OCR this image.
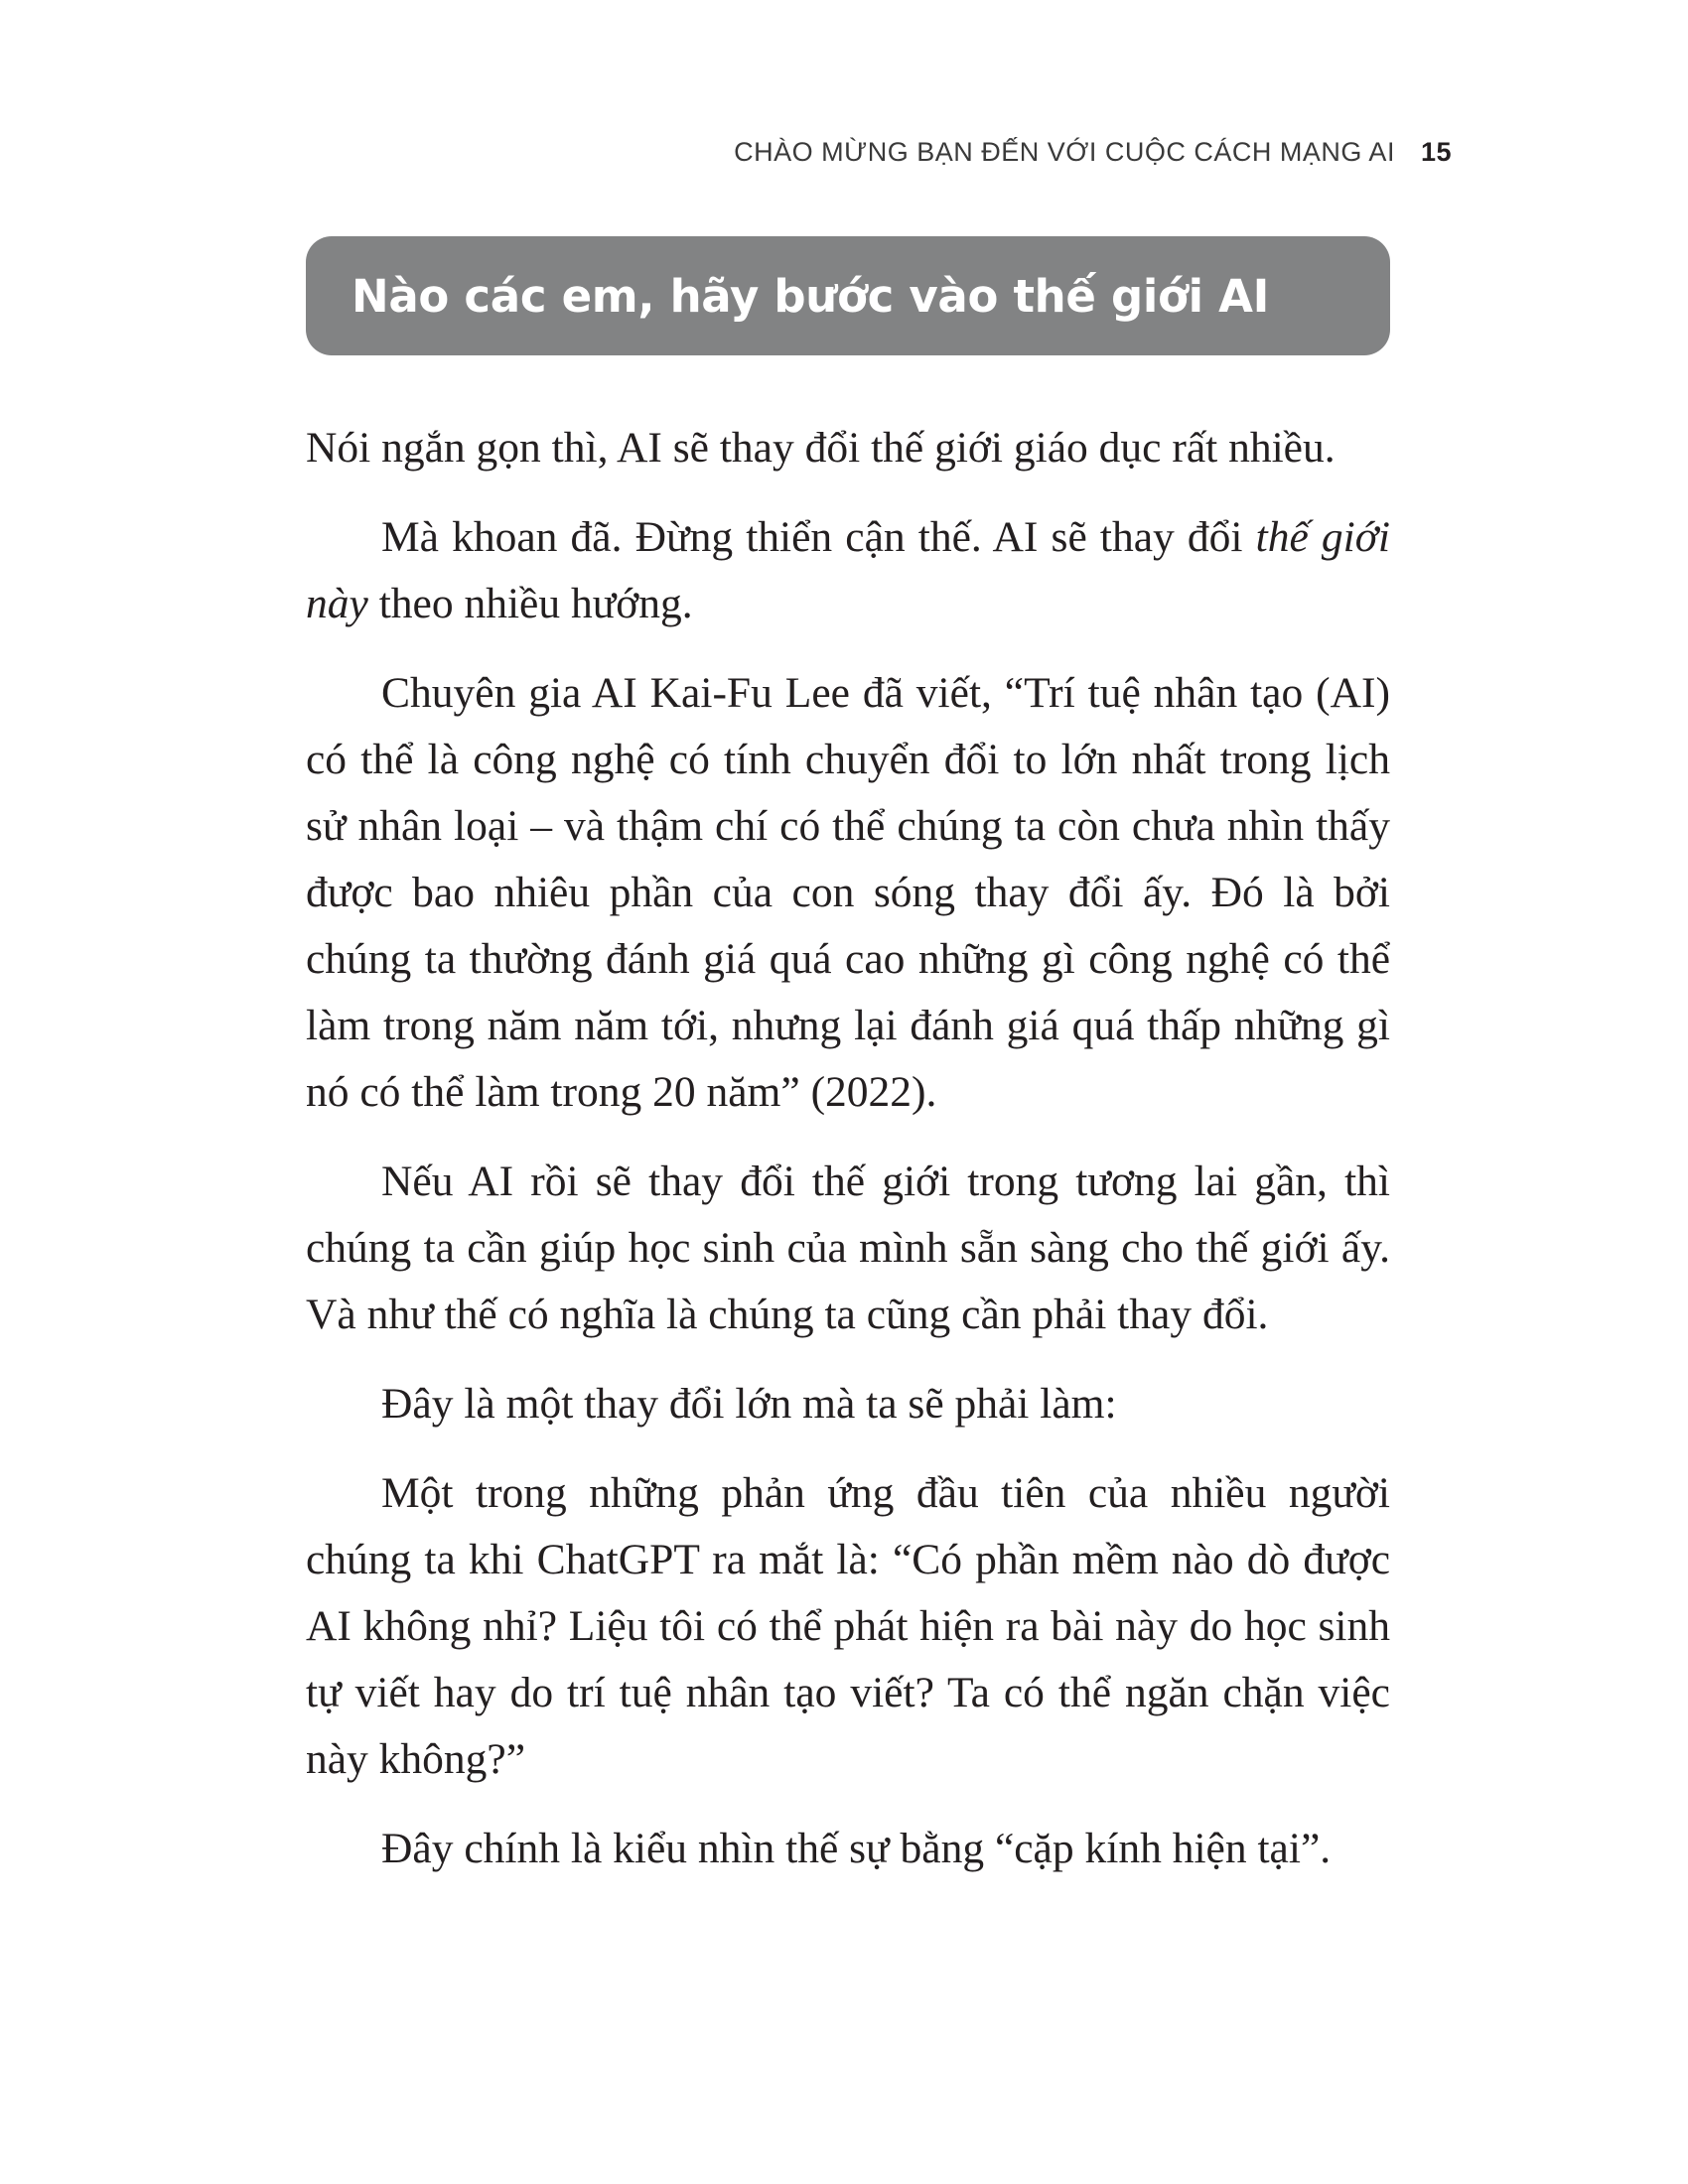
CHÀO MỪNG BẠN ĐẾN VỚI CUỘC CÁCH MẠNG AI 15
Nào các em, hãy bước vào thế giới AI

Nói ngắn gọn thì, AI sẽ thay đổi thế giới giáo dục rất nhiều.

Mà khoan đã. Đừng thiển cận thế. AI sẽ thay đổi thế giới này theo nhiều hướng.

Chuyên gia AI Kai-Fu Lee đã viết, “Trí tuệ nhân tạo (AI) có thể là công nghệ có tính chuyển đổi to lớn nhất trong lịch sử nhân loại – và thậm chí có thể chúng ta còn chưa nhìn thấy được bao nhiêu phần của con sóng thay đổi ấy. Đó là bởi chúng ta thường đánh giá quá cao những gì công nghệ có thể làm trong năm năm tới, nhưng lại đánh giá quá thấp những gì nó có thể làm trong 20 năm” (2022).

Nếu AI rồi sẽ thay đổi thế giới trong tương lai gần, thì chúng ta cần giúp học sinh của mình sẵn sàng cho thế giới ấy. Và như thế có nghĩa là chúng ta cũng cần phải thay đổi.

Đây là một thay đổi lớn mà ta sẽ phải làm:

Một trong những phản ứng đầu tiên của nhiều người chúng ta khi ChatGPT ra mắt là: “Có phần mềm nào dò được AI không nhỉ? Liệu tôi có thể phát hiện ra bài này do học sinh tự viết hay do trí tuệ nhân tạo viết? Ta có thể ngăn chặn việc này không?”

Đây chính là kiểu nhìn thế sự bằng “cặp kính hiện tại”.
